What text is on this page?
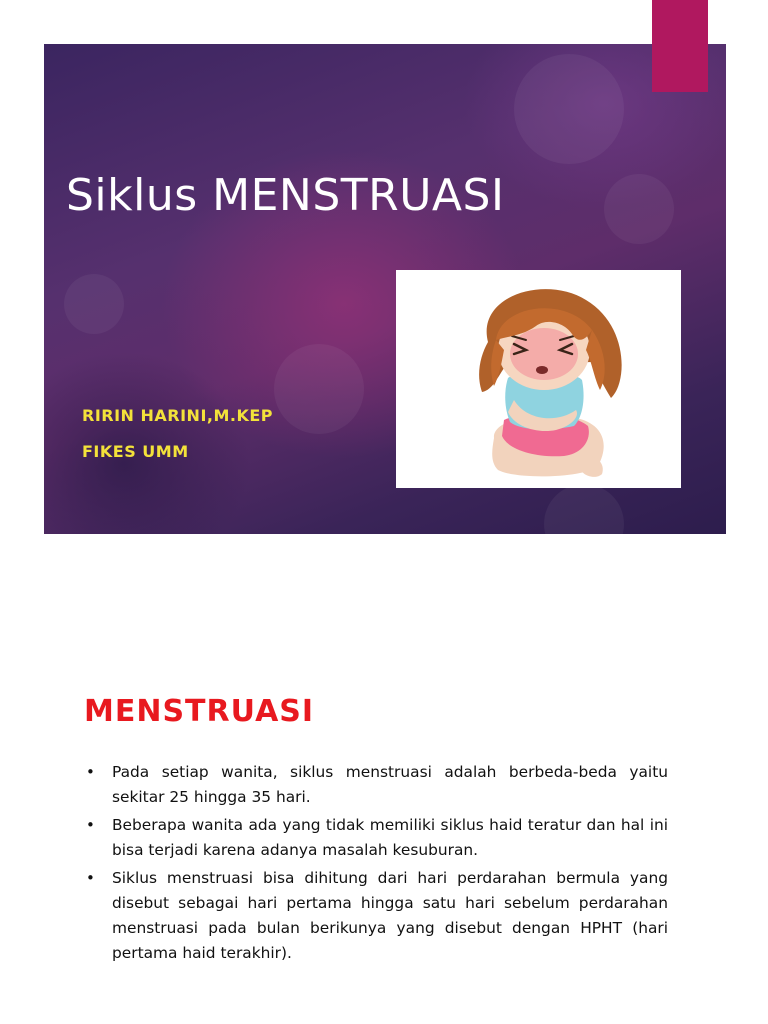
Siklus MENSTRUASI
RIRIN HARINI,M.KEP
FIKES UMM
MENSTRUASI
• Pada setiap wanita, siklus menstruasi adalah berbeda-beda yaitu sekitar 25 hingga 35 hari.
• Beberapa wanita ada yang tidak memiliki siklus haid teratur dan hal ini bisa terjadi karena adanya masalah kesuburan.
• Siklus menstruasi bisa dihitung dari hari perdarahan bermula yang disebut sebagai hari pertama hingga satu hari sebelum perdarahan menstruasi pada bulan berikunya yang disebut dengan HPHT (hari pertama haid terakhir).
